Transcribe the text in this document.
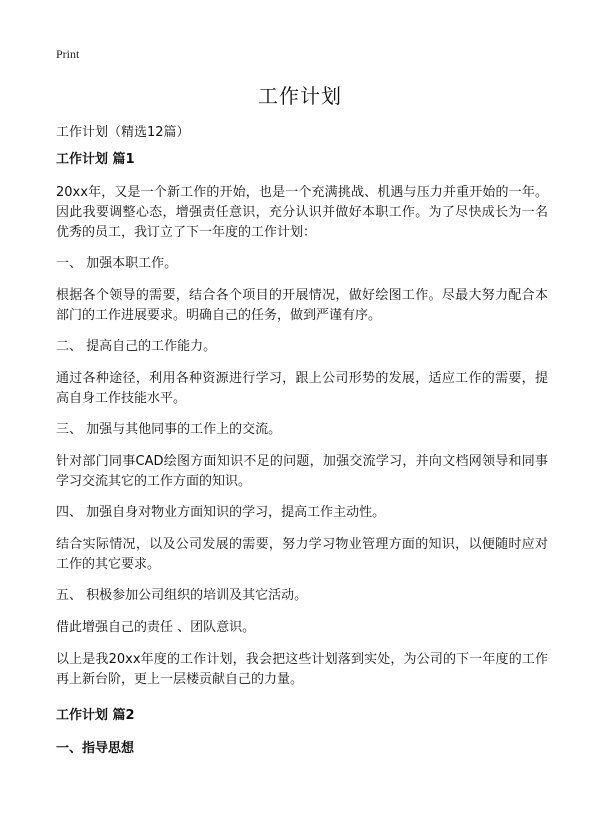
Print
工作计划

工作计划（精选12篇）

工作计划 篇1

20xx年，又是一个新工作的开始，也是一个充满挑战、机遇与压力并重开始的一年。因此我要调整心态，增强责任意识，充分认识并做好本职工作。为了尽快成长为一名优秀的员工，我订立了下一年度的工作计划：

一、 加强本职工作。

根据各个领导的需要，结合各个项目的开展情况，做好绘图工作。尽最大努力配合本部门的工作进展要求。明确自己的任务，做到严谨有序。

二、 提高自己的工作能力。

通过各种途径，利用各种资源进行学习，跟上公司形势的发展，适应工作的需要，提高自身工作技能水平。

三、 加强与其他同事的工作上的交流。

针对部门同事CAD绘图方面知识不足的问题，加强交流学习，并向文档网领导和同事学习交流其它的工作方面的知识。

四、 加强自身对物业方面知识的学习，提高工作主动性。

结合实际情况，以及公司发展的需要，努力学习物业管理方面的知识，以便随时应对工作的其它要求。

五、 积极参加公司组织的培训及其它活动。

借此增强自己的责任 、团队意识。

以上是我20xx年度的工作计划，我会把这些计划落到实处，为公司的下一年度的工作再上新台阶，更上一层楼贡献自己的力量。

工作计划 篇2
一、指导思想
